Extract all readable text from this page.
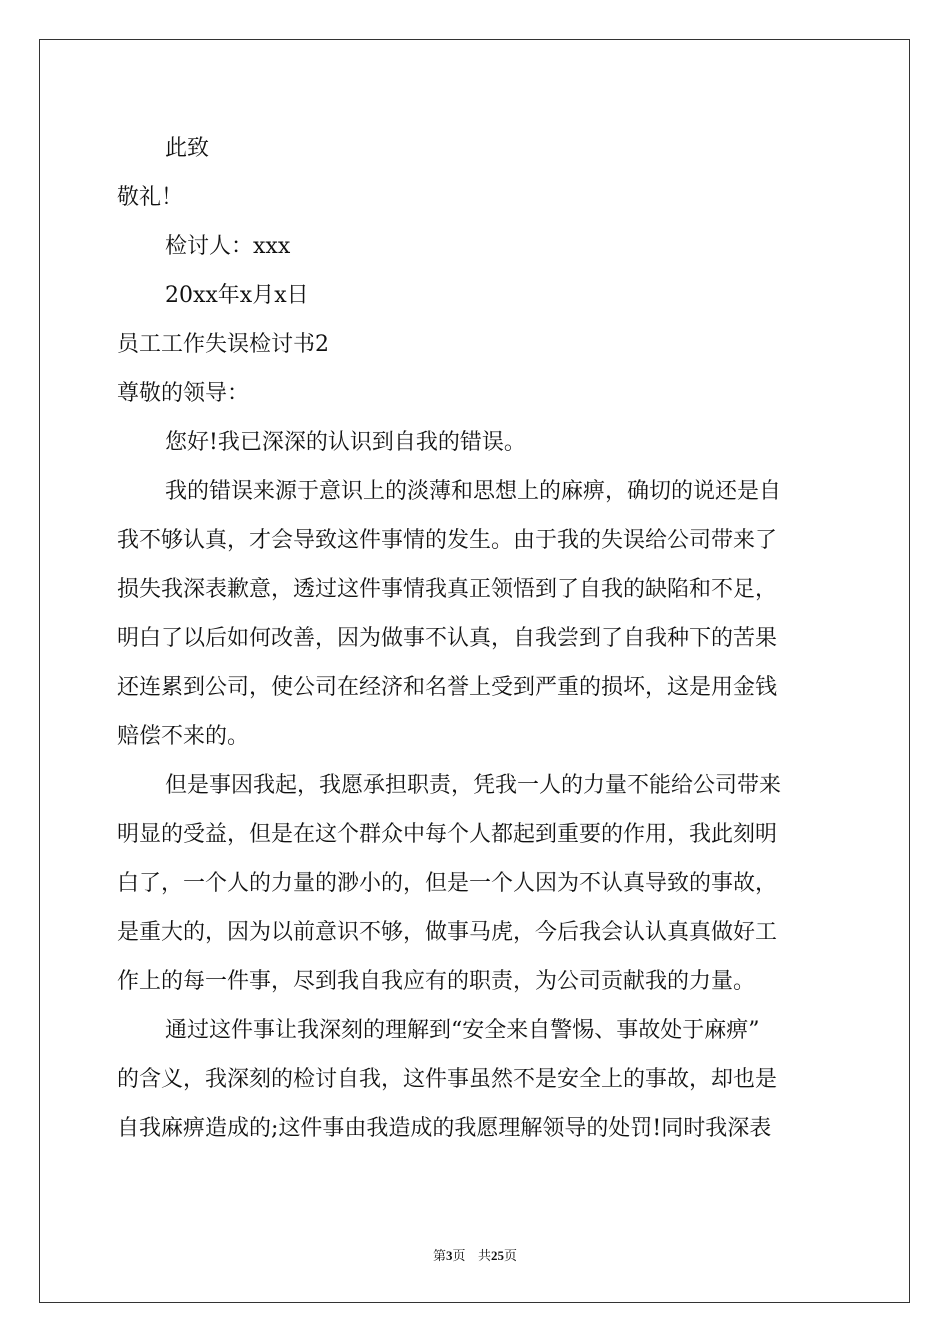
此致
敬礼！
检讨人：xxx
20xx年x月x日
员工工作失误检讨书2
尊敬的领导：
您好!我已深深的认识到自我的错误。
我的错误来源于意识上的淡薄和思想上的麻痹，确切的说还是自
我不够认真，才会导致这件事情的发生。由于我的失误给公司带来了
损失我深表歉意，透过这件事情我真正领悟到了自我的缺陷和不足，
明白了以后如何改善，因为做事不认真，自我尝到了自我种下的苦果
还连累到公司，使公司在经济和名誉上受到严重的损坏，这是用金钱
赔偿不来的。
但是事因我起，我愿承担职责，凭我一人的力量不能给公司带来
明显的受益，但是在这个群众中每个人都起到重要的作用，我此刻明
白了，一个人的力量的渺小的，但是一个人因为不认真导致的事故，
是重大的，因为以前意识不够，做事马虎，今后我会认认真真做好工
作上的每一件事，尽到我自我应有的职责，为公司贡献我的力量。
通过这件事让我深刻的理解到“安全来自警惕、事故处于麻痹”
的含义，我深刻的检讨自我，这件事虽然不是安全上的事故，却也是
自我麻痹造成的;这件事由我造成的我愿理解领导的处罚!同时我深表
第3页 共25页
